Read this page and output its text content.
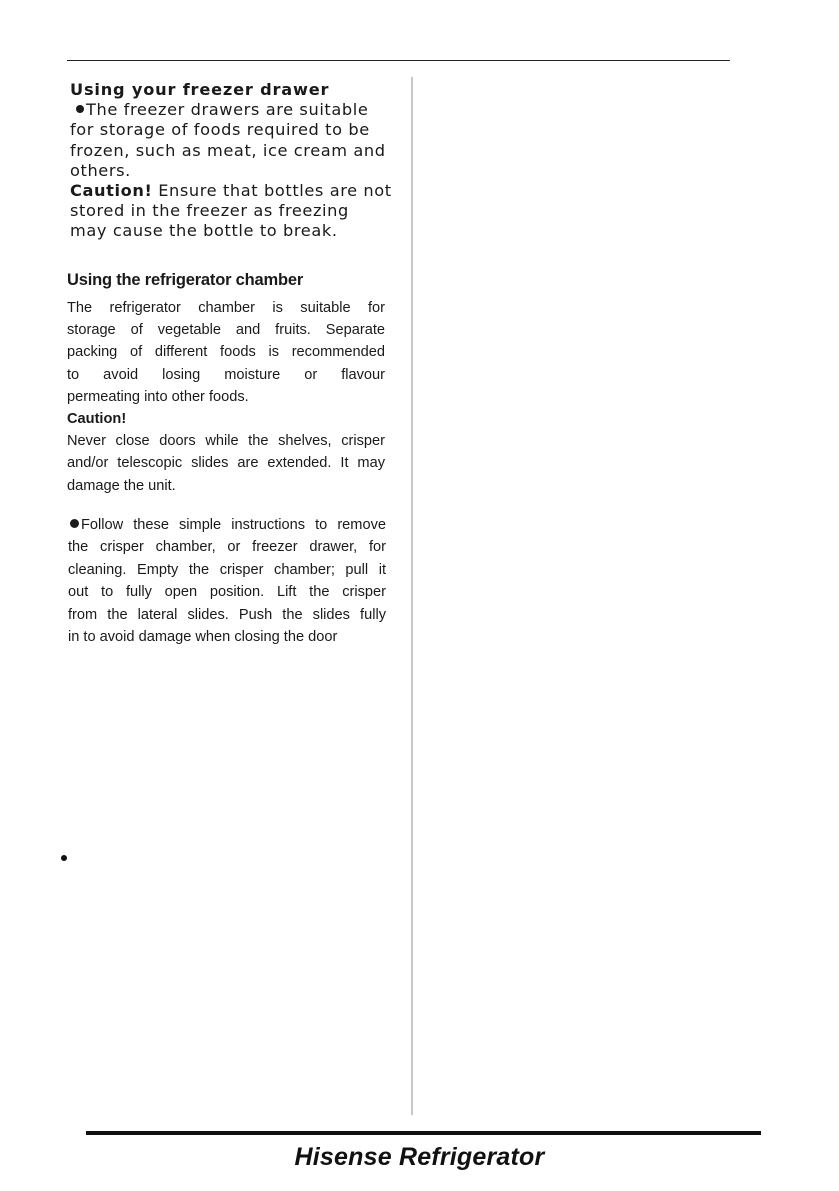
Using your freezer drawer
The freezer drawers are suitable
for storage of foods required to be
frozen, such as meat, ice cream and
others.
Caution! Ensure that bottles are not
stored in the freezer as freezing
may cause the bottle to break.
Using the refrigerator chamber
The refrigerator chamber is suitable for
storage of vegetable and fruits. Separate
packing of different foods is recommended
to avoid losing moisture or flavour
permeating into other foods.
Caution!
Never close doors while the shelves, crisper
and/or telescopic slides are extended. It may
damage the unit.
Follow these simple instructions to remove
the crisper chamber, or freezer drawer, for
cleaning. Empty the crisper chamber; pull it
out to fully open position. Lift the crisper
from the lateral slides. Push the slides fully
in to avoid damage when closing the door
Hisense Refrigerator
